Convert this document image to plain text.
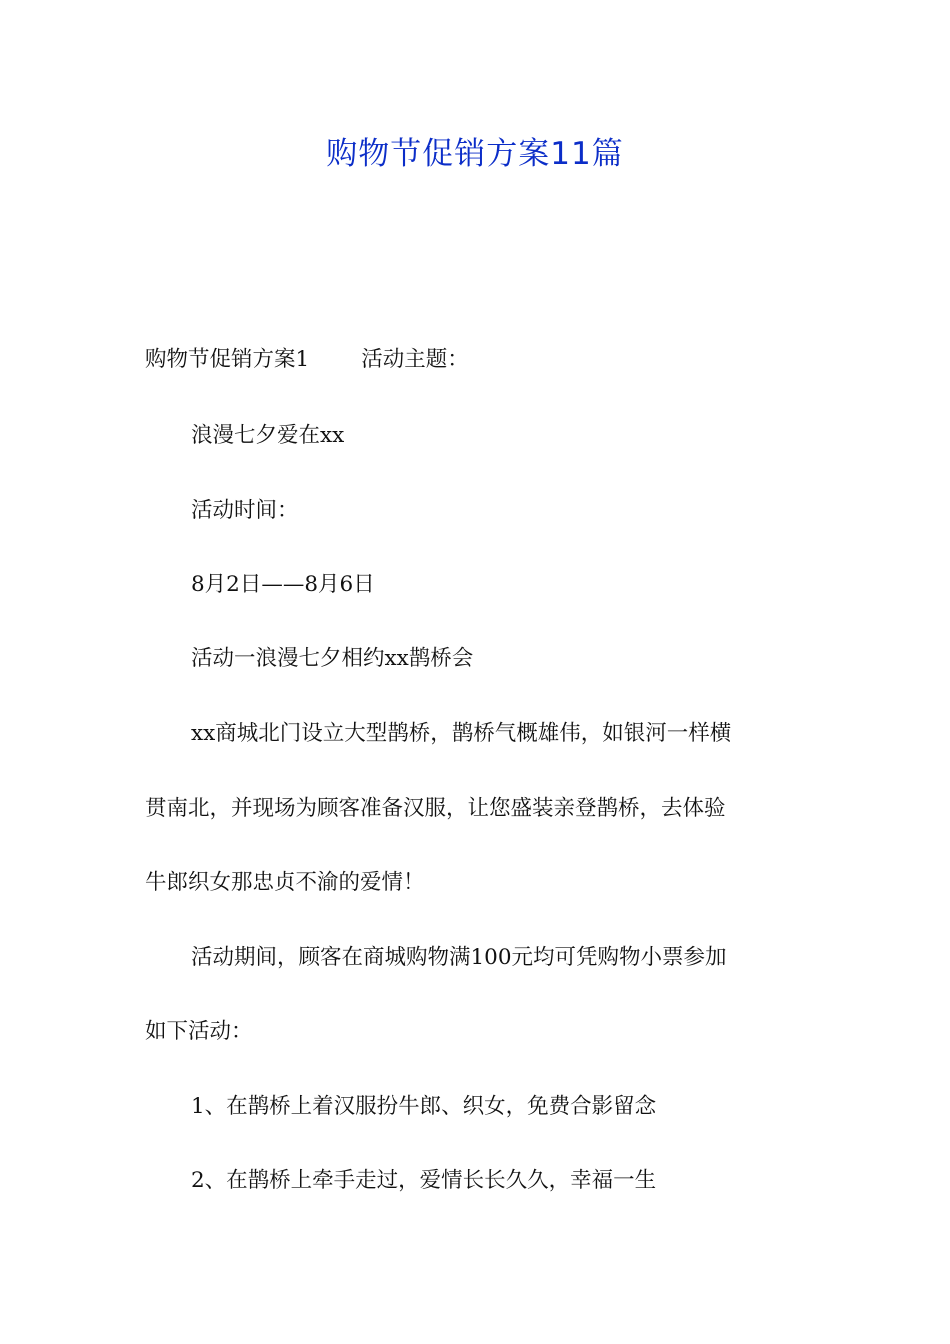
购物节促销方案11篇
购物节促销方案1 活动主题：
浪漫七夕爱在xx
活动时间：
8月2日——8月6日
活动一浪漫七夕相约xx鹊桥会
xx商城北门设立大型鹊桥，鹊桥气概雄伟，如银河一样横
贯南北，并现场为顾客准备汉服，让您盛装亲登鹊桥，去体验
牛郎织女那忠贞不渝的爱情！
活动期间，顾客在商城购物满100元均可凭购物小票参加
如下活动：
1、在鹊桥上着汉服扮牛郎、织女，免费合影留念
2、在鹊桥上牵手走过，爱情长长久久，幸福一生
